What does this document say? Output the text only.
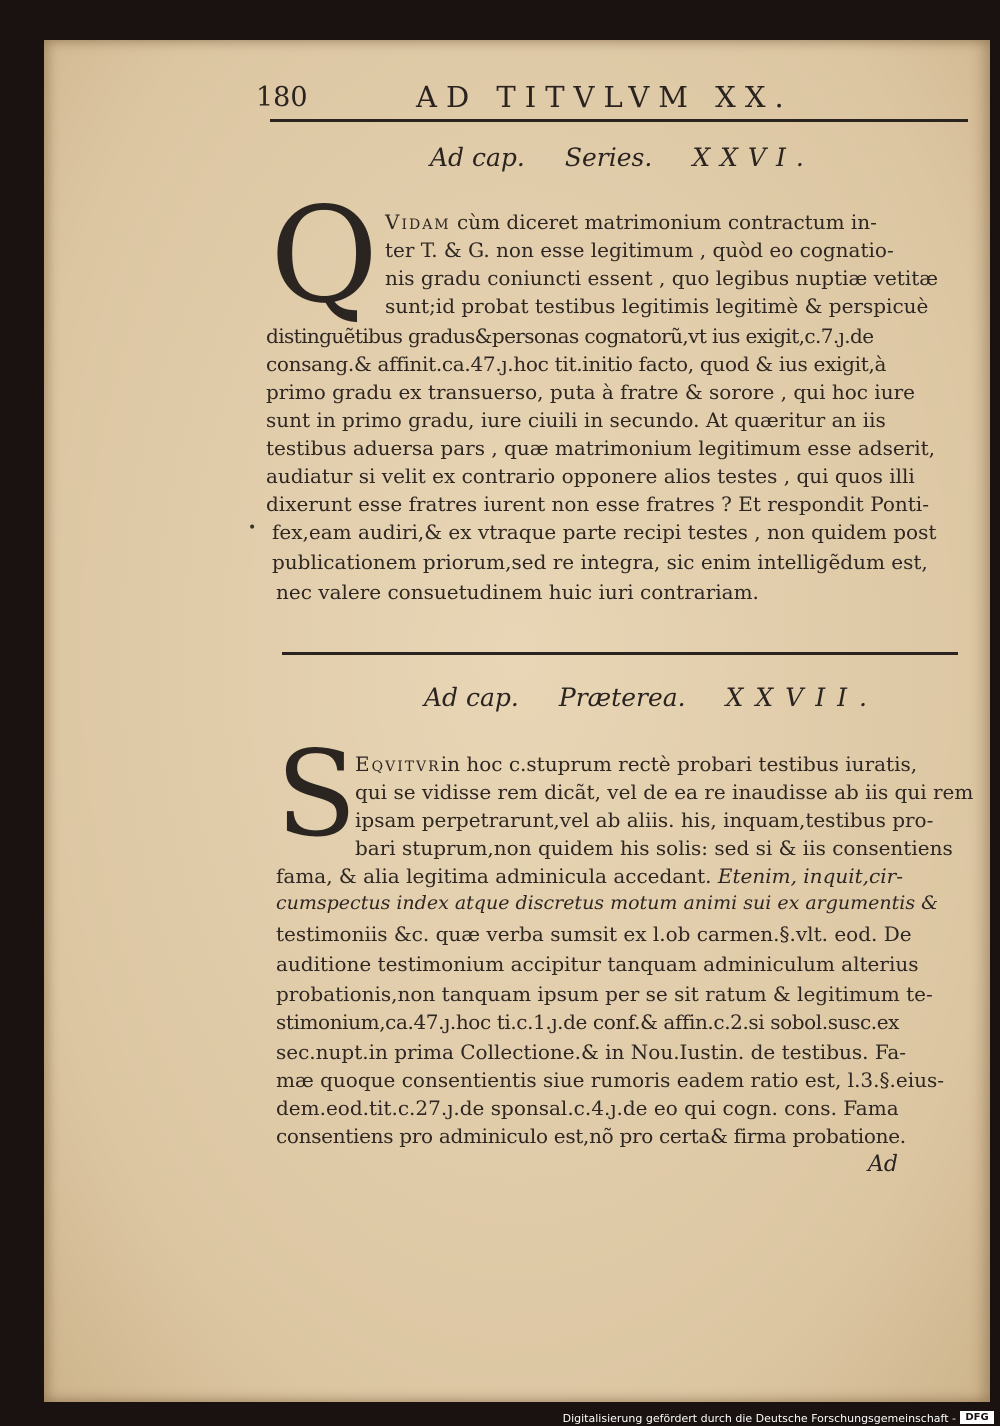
180	AD TITVLVM XX.
Ad cap. Series. XXVI.
Q
•
Vidam cùm diceret matrimonium contractum in-
ter T. & G. non esse legitimum , quòd eo cognatio-
nis gradu coniuncti essent , quo legibus nuptiæ vetitæ
sunt;id probat testibus legitimis legitimè & perspicuè
distinguẽtibus gradus&personas cognatorũ,vt ius exigit,c.7.ȷ.de
consang.& affinit.ca.47.ȷ.hoc tit.initio facto, quod & ius exigit,à
primo gradu ex transuerso, puta à fratre & sorore , qui hoc iure
sunt in primo gradu, iure ciuili in secundo. At quæritur an iis
testibus aduersa pars , quæ matrimonium legitimum esse adserit,
audiatur si velit ex contrario opponere alios testes , qui quos illi
dixerunt esse fratres iurent non esse fratres ? Et respondit Ponti-
fex,eam audiri,& ex vtraque parte recipi testes , non quidem post
publicationem priorum,sed re integra, sic enim intelligẽdum est,
nec valere consuetudinem huic iuri contrariam.
Ad cap. Præterea. XXVII.
S
Eqvitvrin hoc c.stuprum rectè probari testibus iuratis,
qui se vidisse rem dicãt, vel de ea re inaudisse ab iis qui rem
ipsam perpetrarunt,vel ab aliis. his, inquam,testibus pro-
bari stuprum,non quidem his solis: sed si & iis consentiens
fama, & alia legitima adminicula accedant. Etenim, inquit,cir-
cumspectus index atque discretus motum animi sui ex argumentis &
testimoniis &c. quæ verba sumsit ex l.ob carmen.§.vlt. eod. De
auditione testimonium accipitur tanquam adminiculum alterius
probationis,non tanquam ipsum per se sit ratum & legitimum te-
stimonium,ca.47.ȷ.hoc ti.c.1.ȷ.de conf.& affin.c.2.si sobol.susc.ex
sec.nupt.in prima Collectione.& in Nou.Iustin. de testibus. Fa-
mæ quoque consentientis siue rumoris eadem ratio est, l.3.§.eius-
dem.eod.tit.c.27.ȷ.de sponsal.c.4.ȷ.de eo qui cogn. cons. Fama
consentiens pro adminiculo est,nõ pro certa& firma probatione.
Ad
Digitalisierung gefördert durch die Deutsche Forschungsgemeinschaft - DFG
